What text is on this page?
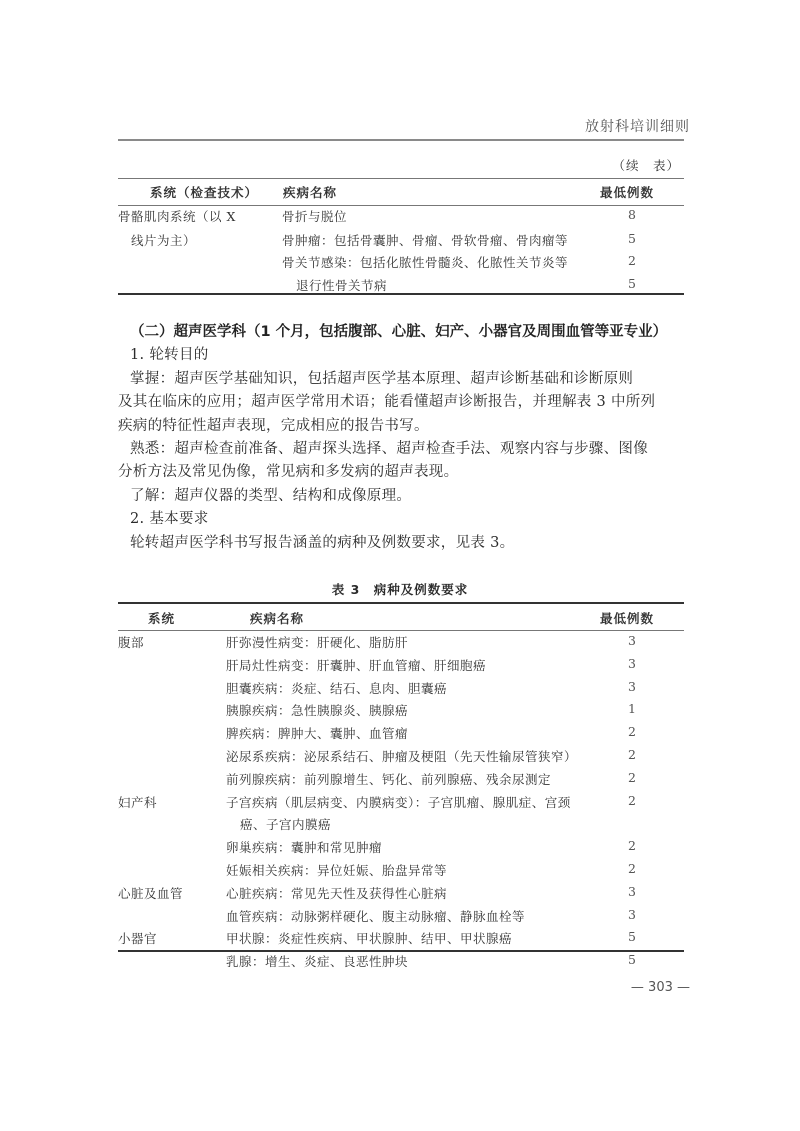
放射科培训细则
（续　表）
系统（检查技术） 疾病名称	最低例数
骨骼肌肉系统（以 X
线片为主）
骨折与脱位	8
骨肿瘤：包括骨囊肿、骨瘤、骨软骨瘤、骨肉瘤等	5
骨关节感染：包括化脓性骨髓炎、化脓性关节炎等	2
退行性骨关节病	5
（二）超声医学科（1 个月，包括腹部、心脏、妇产、小器官及周围血管等亚专业）
1. 轮转目的
掌握：超声医学基础知识，包括超声医学基本原理、超声诊断基础和诊断原则
及其在临床的应用；超声医学常用术语；能看懂超声诊断报告，并理解表 3 中所列
疾病的特征性超声表现，完成相应的报告书写。
熟悉：超声检查前准备、超声探头选择、超声检查手法、观察内容与步骤、图像
分析方法及常见伪像，常见病和多发病的超声表现。
了解：超声仪器的类型、结构和成像原理。
2. 基本要求
轮转超声医学科书写报告涵盖的病种及例数要求，见表 3。
表 3　病种及例数要求
系统	疾病名称	最低例数
腹部	肝弥漫性病变：肝硬化、脂肪肝	3
肝局灶性病变：肝囊肿、肝血管瘤、肝细胞癌	3
胆囊疾病：炎症、结石、息肉、胆囊癌	3
胰腺疾病：急性胰腺炎、胰腺癌	1
脾疾病：脾肿大、囊肿、血管瘤	2
泌尿系疾病：泌尿系结石、肿瘤及梗阻（先天性输尿管狭窄）	2
前列腺疾病：前列腺增生、钙化、前列腺癌、残余尿测定	2
妇产科	子宫疾病（肌层病变、内膜病变）：子宫肌瘤、腺肌症、宫颈	2
癌、子宫内膜癌
卵巢疾病：囊肿和常见肿瘤	2
妊娠相关疾病：异位妊娠、胎盘异常等	2
心脏及血管	心脏疾病：常见先天性及获得性心脏病	3
血管疾病：动脉粥样硬化、腹主动脉瘤、静脉血栓等	3
小器官	甲状腺：炎症性疾病、甲状腺肿、结甲、甲状腺癌	5
乳腺：增生、炎症、良恶性肿块	5
— 303 —
